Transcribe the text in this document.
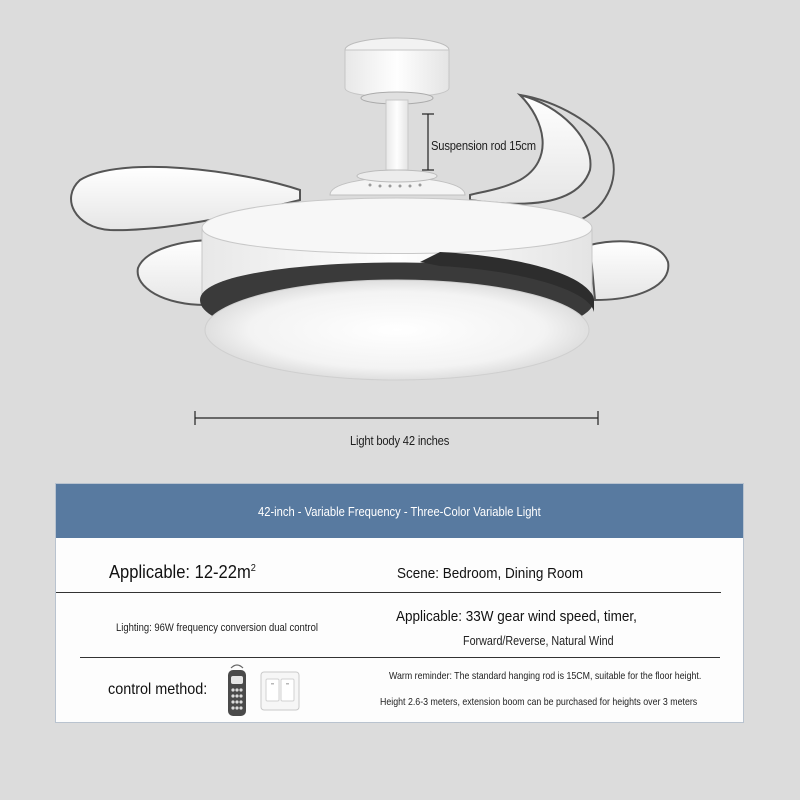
Suspension rod 15cm
Light body 42 inches
42-inch - Variable Frequency - Three-Color Variable Light
Applicable: $12-22m^2$	Scene: Bedroom, Dining Room
Lighting: 96W frequency conversion dual control
Applicable: 33W gear wind speed, timer,
Forward/Reverse, Natural Wind
control method:
Warm reminder: The standard hanging rod is 15CM, suitable for the floor height.
Height 2.6-3 meters, extension boom can be purchased for heights over 3 meters
